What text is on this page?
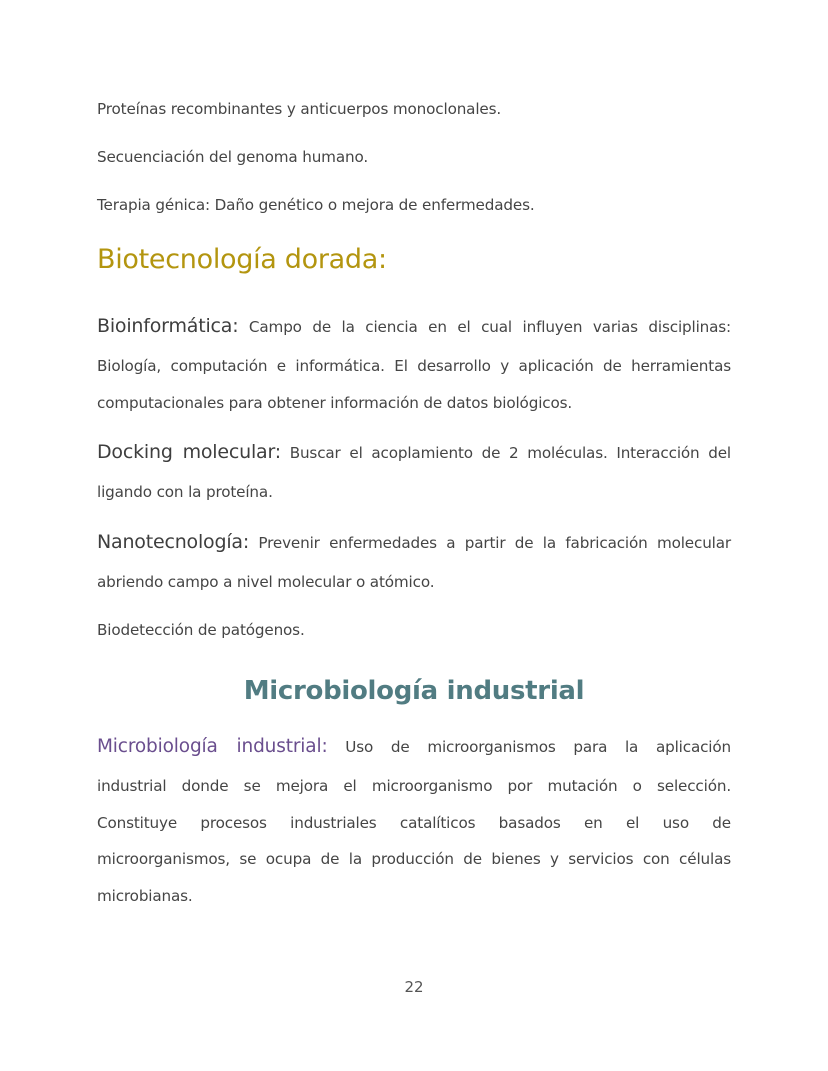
Proteínas recombinantes y anticuerpos monoclonales.
Secuenciación del genoma humano.
Terapia génica: Daño genético o mejora de enfermedades.
Biotecnología dorada:
Bioinformática: Campo de la ciencia en el cual influyen varias disciplinas:
Biología, computación e informática. El desarrollo y aplicación de herramientas
computacionales para obtener información de datos biológicos.
Docking molecular: Buscar el acoplamiento de 2 moléculas. Interacción del
ligando con la proteína.
Nanotecnología: Prevenir enfermedades a partir de la fabricación molecular
abriendo campo a nivel molecular o atómico.
Biodetección de patógenos.
Microbiología industrial
Microbiología industrial: Uso de microorganismos para la aplicación
industrial donde se mejora el microorganismo por mutación o selección.
Constituye procesos industriales catalíticos basados en el uso de
microorganismos, se ocupa de la producción de bienes y servicios con células
microbianas.
22
